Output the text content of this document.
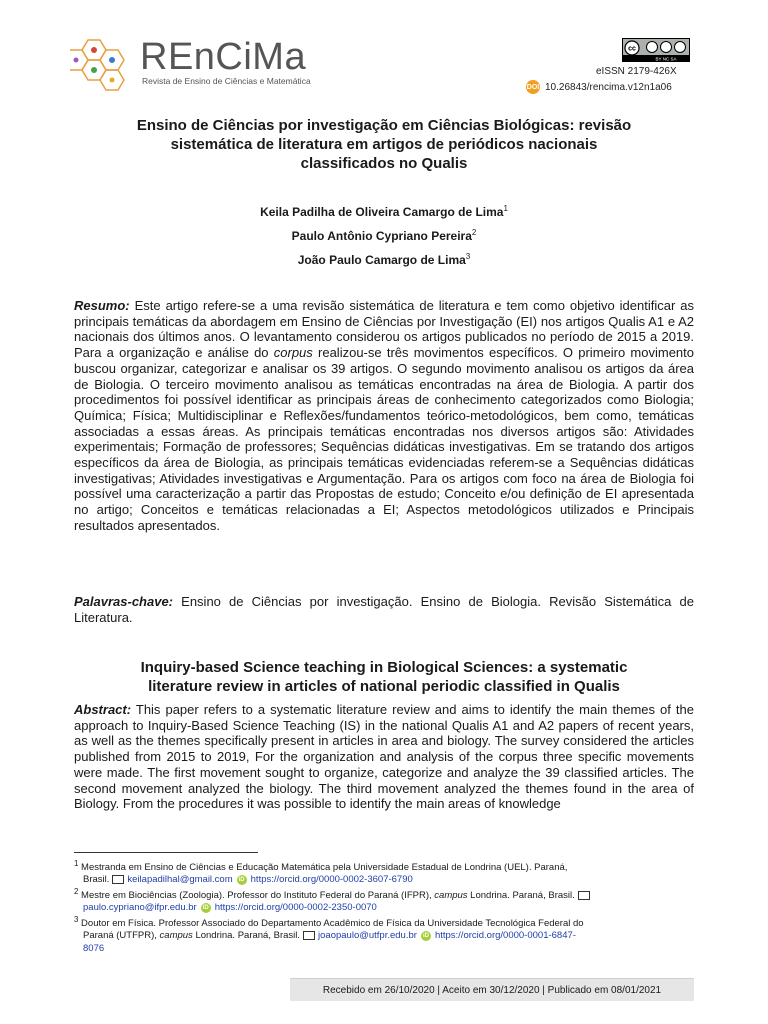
REnCiMa
Revista de Ensino de Ciências e Matemática
cc
BY NC SA
eISSN 2179-426X
DOI 10.26843/rencima.v12n1a06
Ensino de Ciências por investigação em Ciências Biológicas: revisão
sistemática de literatura em artigos de periódicos nacionais
classificados no Qualis
Keila Padilha de Oliveira Camargo de Lima$^1$
Paulo Antônio Cypriano Pereira$^2$
João Paulo Camargo de Lima$^3$
Resumo: Este artigo refere-se a uma revisão sistemática de literatura e tem como objetivo identificar as principais temáticas da abordagem em Ensino de Ciências por Investigação (EI) nos artigos Qualis A1 e A2 nacionais dos últimos anos. O levantamento considerou os artigos publicados no período de 2015 a 2019. Para a organização e análise do corpus realizou-se três movimentos específicos. O primeiro movimento buscou organizar, categorizar e analisar os 39 artigos. O segundo movimento analisou os artigos da área de Biologia. O terceiro movimento analisou as temáticas encontradas na área de Biologia. A partir dos procedimentos foi possível identificar as principais áreas de conhecimento categorizados como Biologia; Química; Física; Multidisciplinar e Reflexões/fundamentos teórico-metodológicos, bem como, temáticas associadas a essas áreas. As principais temáticas encontradas nos diversos artigos são: Atividades experimentais; Formação de professores; Sequências didáticas investigativas. Em se tratando dos artigos específicos da área de Biologia, as principais temáticas evidenciadas referem-se a Sequências didáticas investigativas; Atividades investigativas e Argumentação. Para os artigos com foco na área de Biologia foi possível uma caracterização a partir das Propostas de estudo; Conceito e/ou definição de EI apresentada no artigo; Conceitos e temáticas relacionadas a EI; Aspectos metodológicos utilizados e Principais resultados apresentados.
Palavras-chave: Ensino de Ciências por investigação. Ensino de Biologia. Revisão Sistemática de Literatura.
Inquiry-based Science teaching in Biological Sciences: a systematic
literature review in articles of national periodic classified in Qualis
Abstract: This paper refers to a systematic literature review and aims to identify the main themes of the approach to Inquiry-Based Science Teaching (IS) in the national Qualis A1 and A2 papers of recent years, as well as the themes specifically present in articles in area and biology. The survey considered the articles published from 2015 to 2019, For the organization and analysis of the corpus three specific movements were made. The first movement sought to organize, categorize and analyze the 39 classified articles. The second movement analyzed the biology. The third movement analyzed the themes found in the area of Biology. From the procedures it was possible to identify the main areas of knowledge
$^1$ Mestranda em Ensino de Ciências e Educação Matemática pela Universidade Estadual de Londrina (UEL). Paraná,
Brasil. keilapadilhal@gmail.com iD https://orcid.org/0000-0002-3607-6790
$^2$ Mestre em Biociências (Zoologia). Professor do Instituto Federal do Paraná (IFPR), campus Londrina. Paraná, Brasil.
paulo.cypriano@ifpr.edu.br iD https://orcid.org/0000-0002-2350-0070
$^3$ Doutor em Física. Professor Associado do Departamento Acadêmico de Física da Universidade Tecnológica Federal do
Paraná (UTFPR), campus Londrina. Paraná, Brasil. joaopaulo@utfpr.edu.br iD https://orcid.org/0000-0001-6847-
8076
Recebido em 26/10/2020 | Aceito em 30/12/2020 | Publicado em 08/01/2021
